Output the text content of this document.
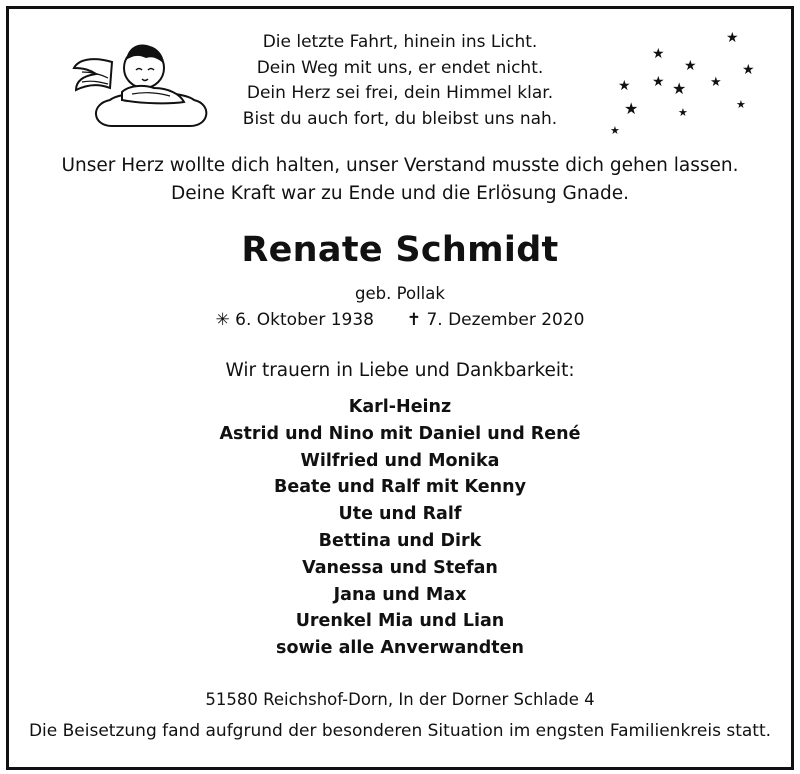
Die letzte Fahrt, hinein ins Licht.
Dein Weg mit uns, er endet nicht.
Dein Herz sei frei, dein Himmel klar.
Bist du auch fort, du bleibst uns nah.
★
★
★
★ ★
★
★
★
★	★
★
★
Unser Herz wollte dich halten, unser Verstand musste dich gehen lassen.
Deine Kraft war zu Ende und die Erlösung Gnade.
Renate Schmidt
geb. Pollak
✳ 6. Oktober 1938 ✝ 7. Dezember 2020
Wir trauern in Liebe und Dankbarkeit:
Karl-Heinz
Astrid und Nino mit Daniel und René
Wilfried und Monika
Beate und Ralf mit Kenny
Ute und Ralf
Bettina und Dirk
Vanessa und Stefan
Jana und Max
Urenkel Mia und Lian
sowie alle Anverwandten
51580 Reichshof-Dorn, In der Dorner Schlade 4
Die Beisetzung fand aufgrund der besonderen Situation im engsten Familienkreis statt.
